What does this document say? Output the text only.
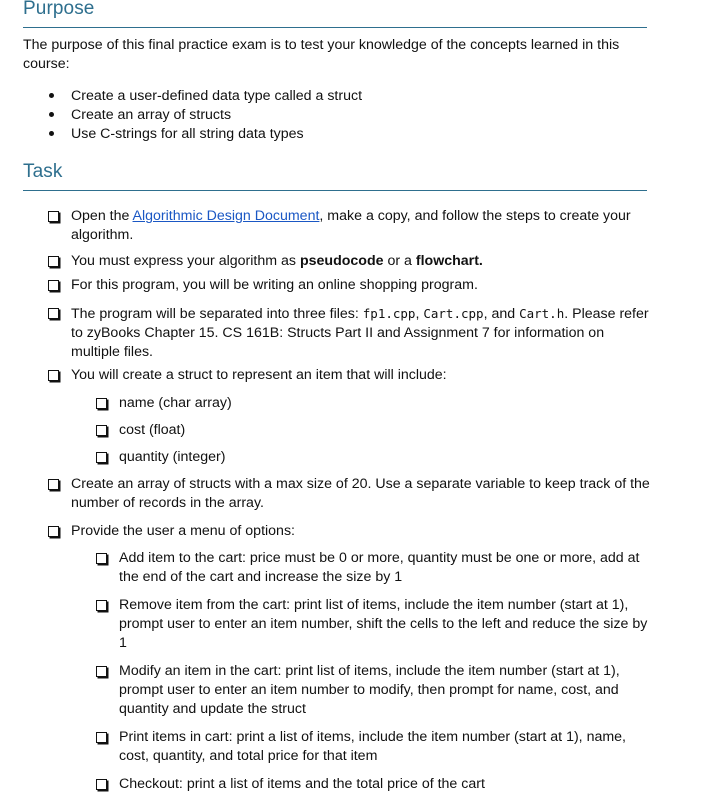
Purpose
The purpose of this final practice exam is to test your knowledge of the concepts learned in this course:
Create a user-defined data type called a struct
Create an array of structs
Use C-strings for all string data types
Task
Open the Algorithmic Design Document, make a copy, and follow the steps to create your algorithm.
You must express your algorithm as pseudocode or a flowchart.
For this program, you will be writing an online shopping program.
The program will be separated into three files: fp1.cpp, Cart.cpp, and Cart.h. Please refer to zyBooks Chapter 15. CS 161B: Structs Part II and Assignment 7 for information on multiple files.
You will create a struct to represent an item that will include:
name (char array)
cost (float)
quantity (integer)
Create an array of structs with a max size of 20. Use a separate variable to keep track of the number of records in the array.
Provide the user a menu of options:
Add item to the cart: price must be 0 or more, quantity must be one or more, add at the end of the cart and increase the size by 1
Remove item from the cart: print list of items, include the item number (start at 1), prompt user to enter an item number, shift the cells to the left and reduce the size by 1
Modify an item in the cart: print list of items, include the item number (start at 1), prompt user to enter an item number to modify, then prompt for name, cost, and quantity and update the struct
Print items in cart: print a list of items, include the item number (start at 1), name, cost, quantity, and total price for that item
Checkout: print a list of items and the total price of the cart
